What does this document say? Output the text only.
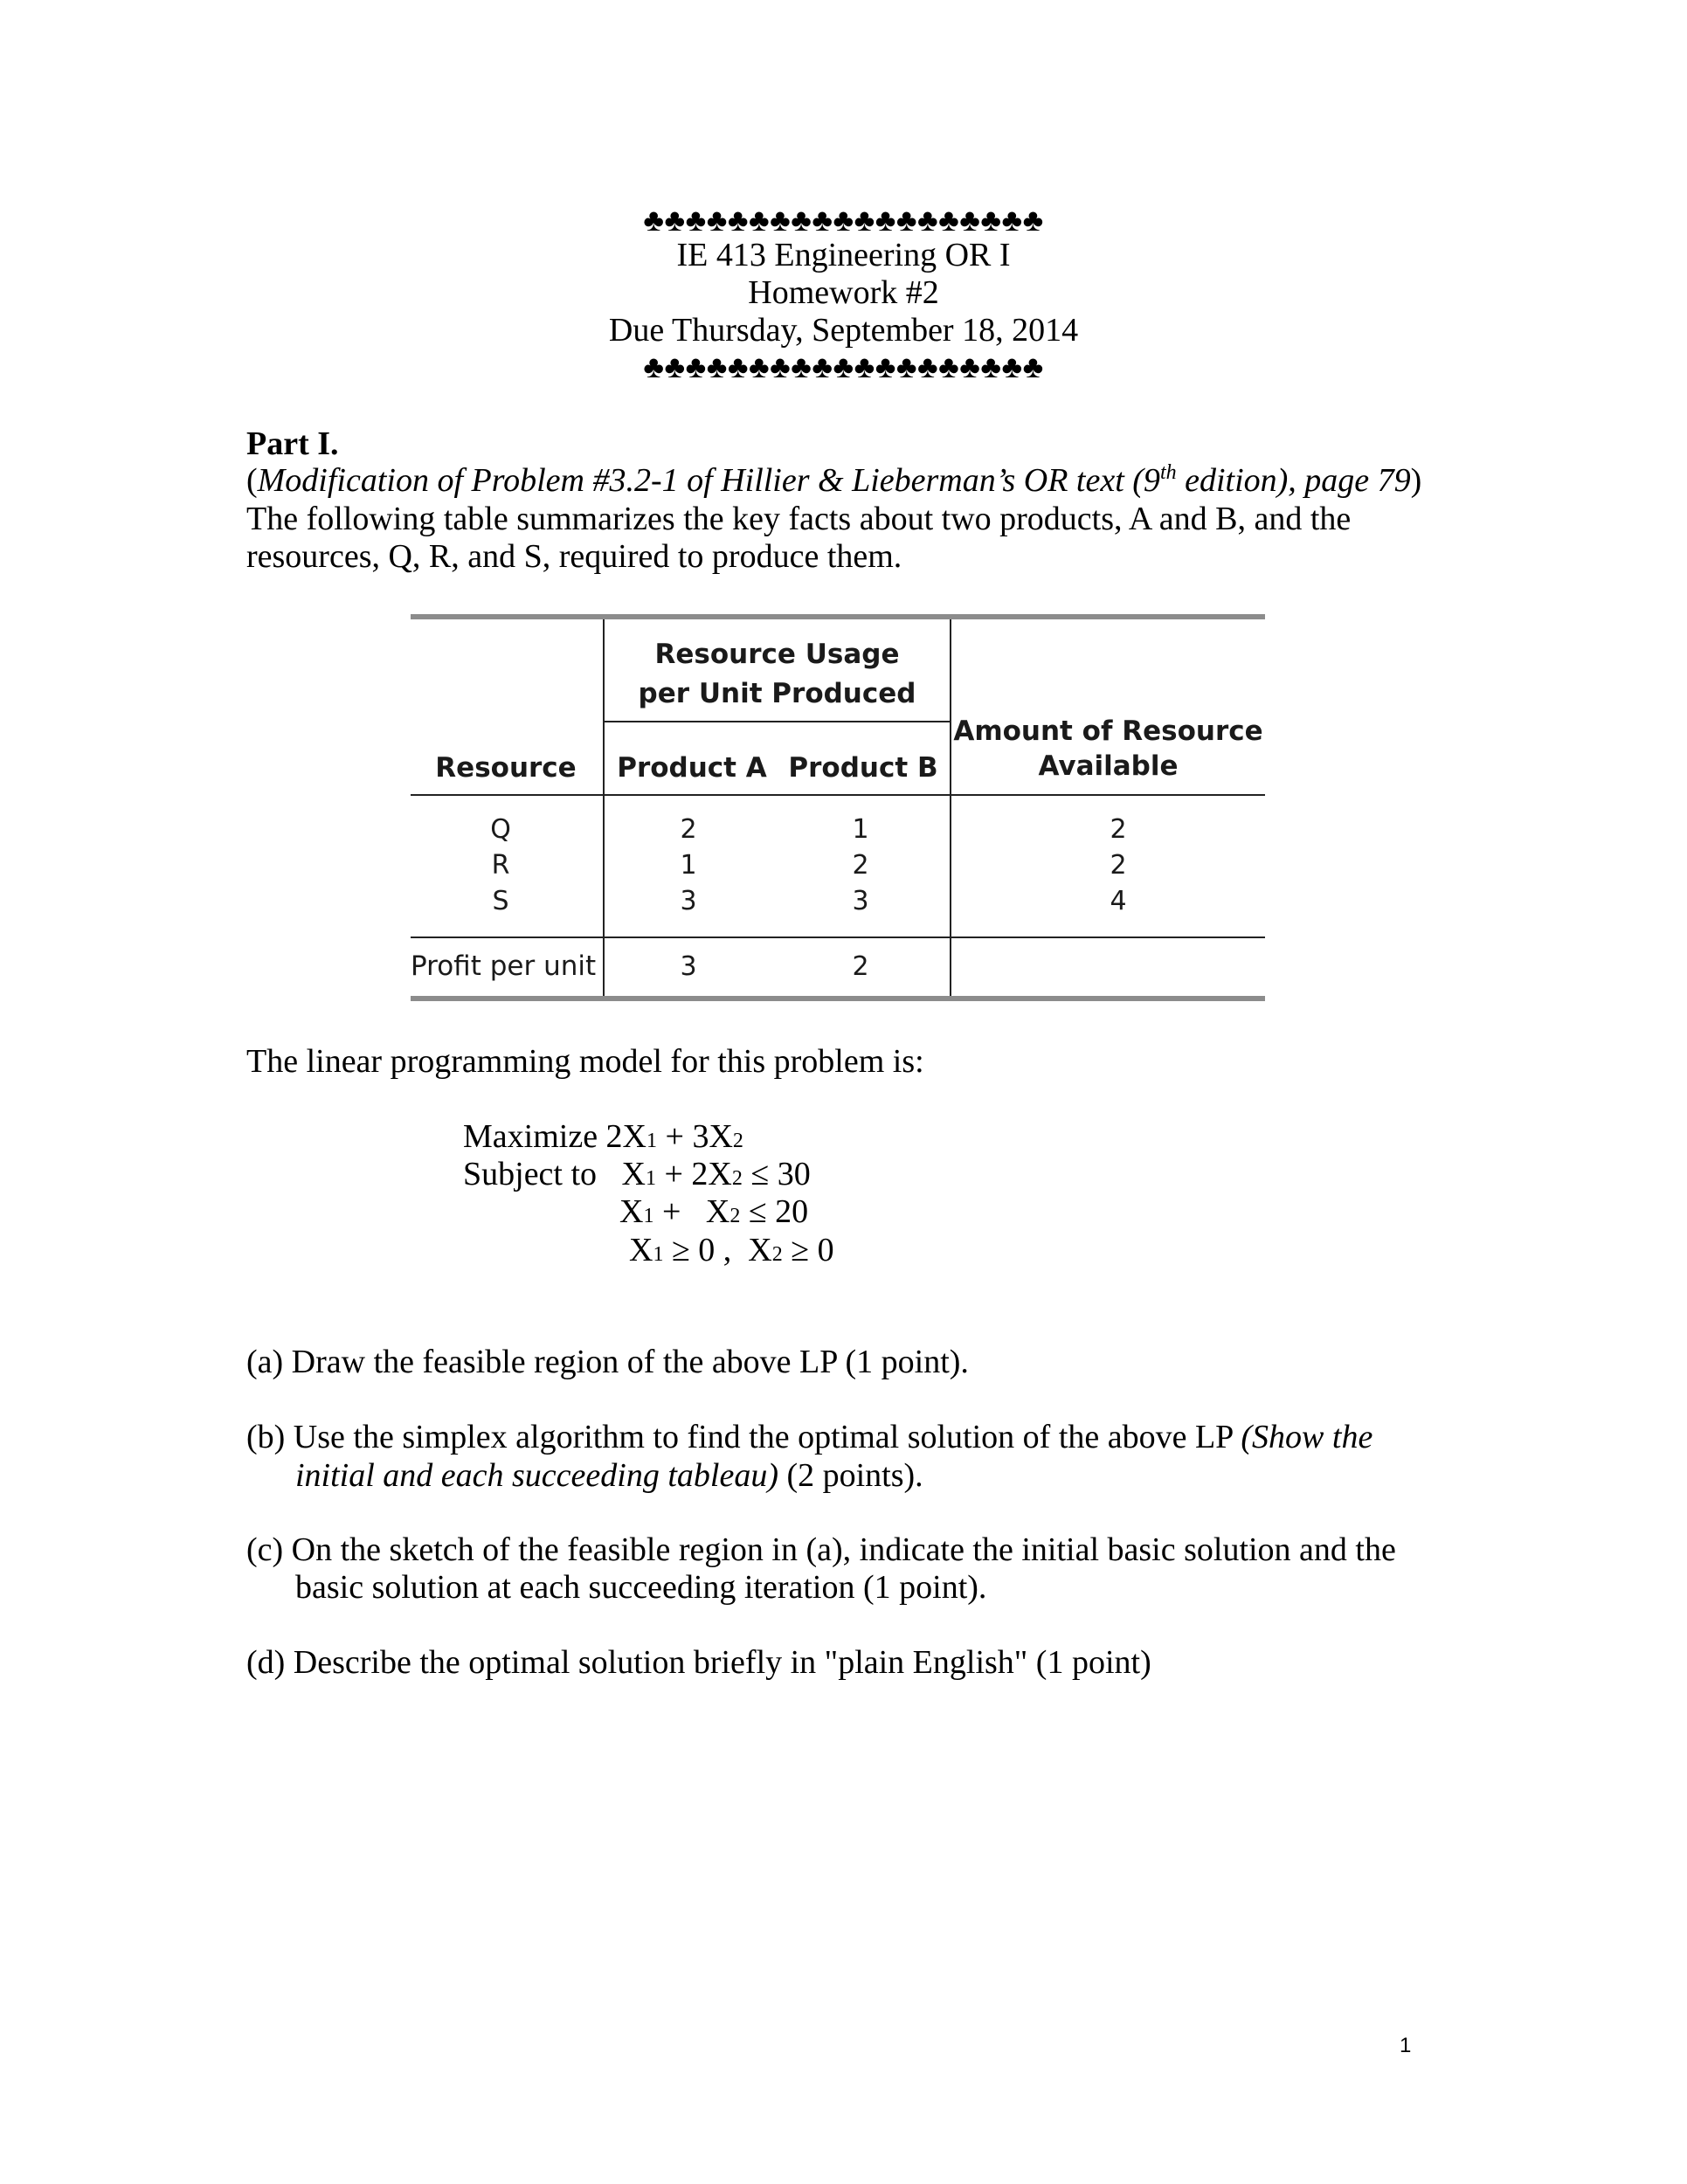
♣♣♣♣♣♣♣♣♣♣♣♣♣♣♣♣♣♣♣
IE 413 Engineering OR I
Homework #2
Due Thursday, September 18, 2014
♣♣♣♣♣♣♣♣♣♣♣♣♣♣♣♣♣♣♣
Part I.
(Modification of Problem #3.2-1 of Hillier & Lieberman’s OR text (9th edition), page 79)
The following table summarizes the key facts about two products, A and B, and the
resources, Q, R, and S, required to produce them.
Resource Usage
per Unit Produced
Resource	Product A Product B
Amount of Resource
Available
Q	2	1	2
R	1	2	2
S	3	3	4
Profit per unit	3	2
The linear programming model for this problem is:
Maximize 2X1 + 3X2
Subject to   X1 + 2X2 ≤ 30
X1 +   X2 ≤ 20
X1 ≥ 0 ,  X2 ≥ 0
(a) Draw the feasible region of the above LP (1 point).
(b) Use the simplex algorithm to find the optimal solution of the above LP (Show the
initial and each succeeding tableau) (2 points).
(c) On the sketch of the feasible region in (a), indicate the initial basic solution and the
basic solution at each succeeding iteration (1 point).
(d) Describe the optimal solution briefly in "plain English" (1 point)
1
